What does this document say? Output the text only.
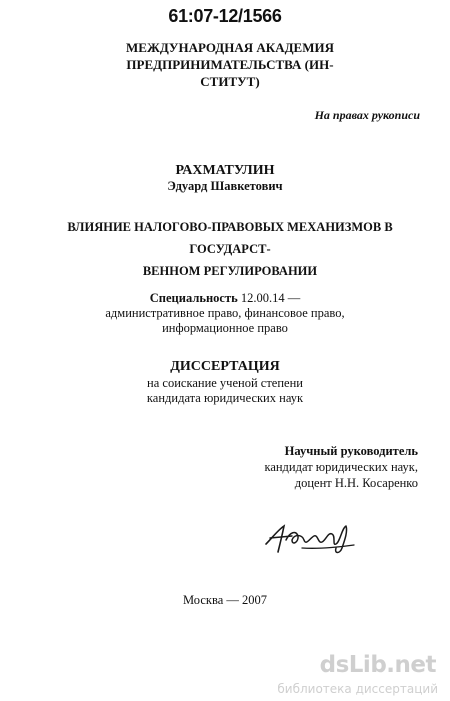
61:07-12/1566
МЕЖДУНАРОДНАЯ АКАДЕМИЯ ПРЕДПРИНИМАТЕЛЬСТВА (ИН-
СТИТУТ)
На правах рукописи
РАХМАТУЛИН
Эдуард Шавкетович
ВЛИЯНИЕ НАЛОГОВО-ПРАВОВЫХ МЕХАНИЗМОВ В ГОСУДАРСТ-
ВЕННОМ РЕГУЛИРОВАНИИ
Специальность 12.00.14 —
административное право, финансовое право,
информационное право
ДИССЕРТАЦИЯ
на соискание ученой степени
кандидата юридических наук
Научный руководитель
кандидат юридических наук,
доцент Н.Н. Косаренко
Москва — 2007
dsLib.net
библиотека диссертаций
